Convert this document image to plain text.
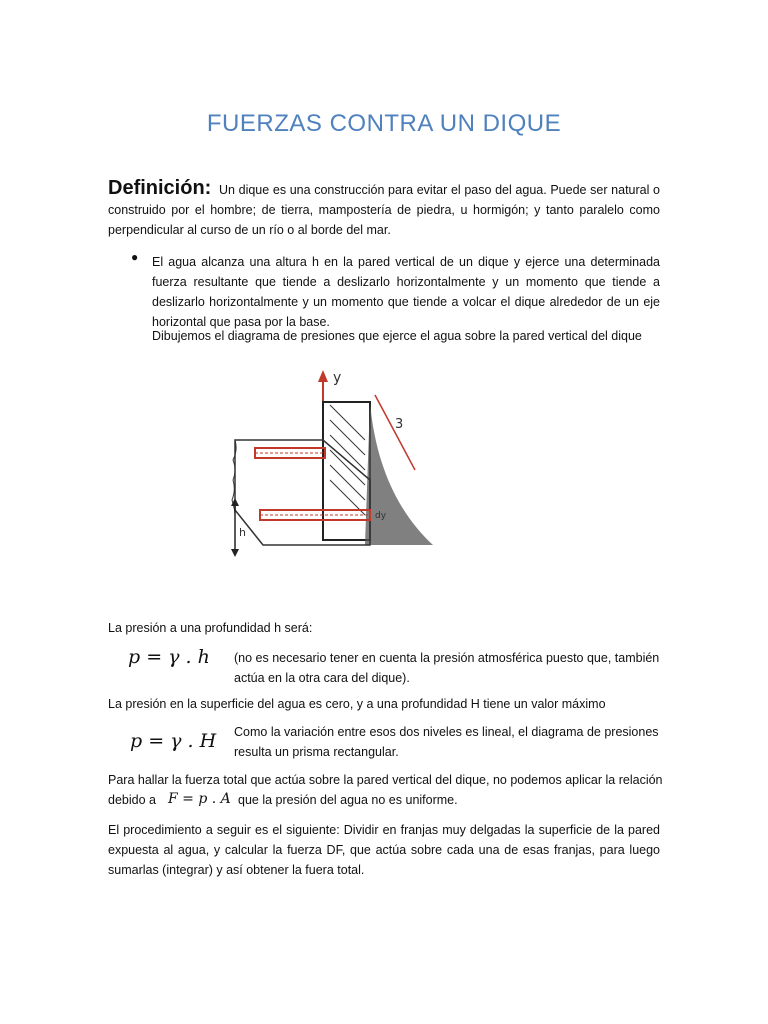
FUERZAS CONTRA UN DIQUE
Definición: Un dique es una construcción para evitar el paso del agua. Puede ser natural o construido por el hombre; de tierra, mampostería de piedra, u hormigón; y tanto paralelo como perpendicular al curso de un río o al borde del mar.
● El agua alcanza una altura h en la pared vertical de un dique y ejerce una determinada fuerza resultante que tiende a deslizarlo horizontalmente y un momento que tiende a deslizarlo horizontalmente y un momento que tiende a volcar el dique alrededor de un eje horizontal que pasa por la base.
Dibujemos el diagrama de presiones que ejerce el agua sobre la pared vertical del dique
y
3
dy
h
La presión a una profundidad h será:
p = γ . h (no es necesario tener en cuenta la presión atmosférica puesto que, también actúa en la otra cara del dique).
La presión en la superficie del agua es cero, y a una profundidad H tiene un valor máximo
p = γ . H Como la variación entre esos dos niveles es lineal, el diagrama de presiones resulta un prisma rectangular.
Para hallar la fuerza total que actúa sobre la pared vertical del dique, no podemos aplicar la relación
debido a F = p . A que la presión del agua no es uniforme.
El procedimiento a seguir es el siguiente: Dividir en franjas muy delgadas la superficie de la pared expuesta al agua, y calcular la fuerza DF, que actúa sobre cada una de esas franjas, para luego sumarlas (integrar) y así obtener la fuera total.
